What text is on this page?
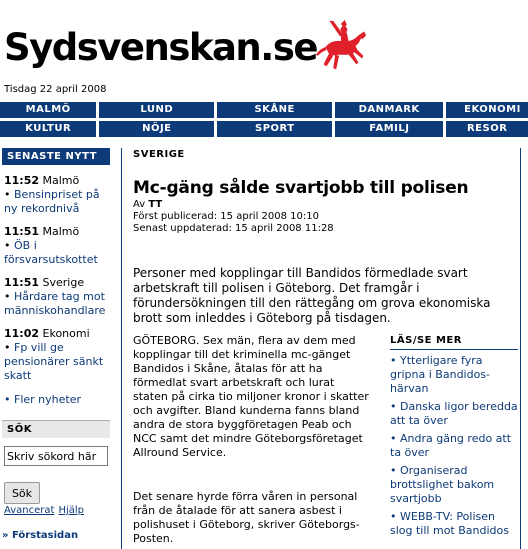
Sydsvenskan.se
Tisdag 22 april 2008
MALMÖ	LUND	SKÅNE	DANMARK	EKONOMI
KULTUR	NÖJE	SPORT	FAMILJ	RESOR
SENASTE NYTT
11:52 Malmö
• Bensinpriset på ny rekordnivå
11:51 Malmö
• ÖB i försvarsutskottet
11:51 Sverige
• Hårdare tag mot människohandlare
11:02 Ekonomi
• Fp vill ge pensionärer sänkt skatt
• Fler nyheter
SÖK
Skriv sökord här
Sök
Avancerat Hjälp
» Förstasidan
SVERIGE
Mc-gäng sålde svartjobb till polisen
Av TT
Först publicerad: 15 april 2008 10:10
Senast uppdaterad: 15 april 2008 11:28
Personer med kopplingar till Bandidos förmedlade svart arbetskraft till polisen i Göteborg. Det framgår i förundersökningen till den rättegång om grova ekonomiska brott som inleddes i Göteborg på tisdagen.

GÖTEBORG. Sex män, flera av dem med kopplingar till det kriminella mc-gänget Bandidos i Skåne, åtalas för att ha förmedlat svart arbetskraft och lurat staten på cirka tio miljoner kronor i skatter och avgifter. Bland kunderna fanns bland andra de stora byggföretagen Peab och NCC samt det mindre Göteborgsföretaget Allround Service.

Det senare hyrde förra våren in personal från de åtalade för att sanera asbest i polishuset i Göteborg, skriver Göteborgs-Posten.

LÄS/SE MER
• Ytterligare fyra gripna i Bandidos-härvan
• Danska ligor beredda att ta över
• Andra gäng redo att ta över
• Organiserad brottslighet bakom svartjobb
• WEBB-TV: Polisen slog till mot Bandidos
